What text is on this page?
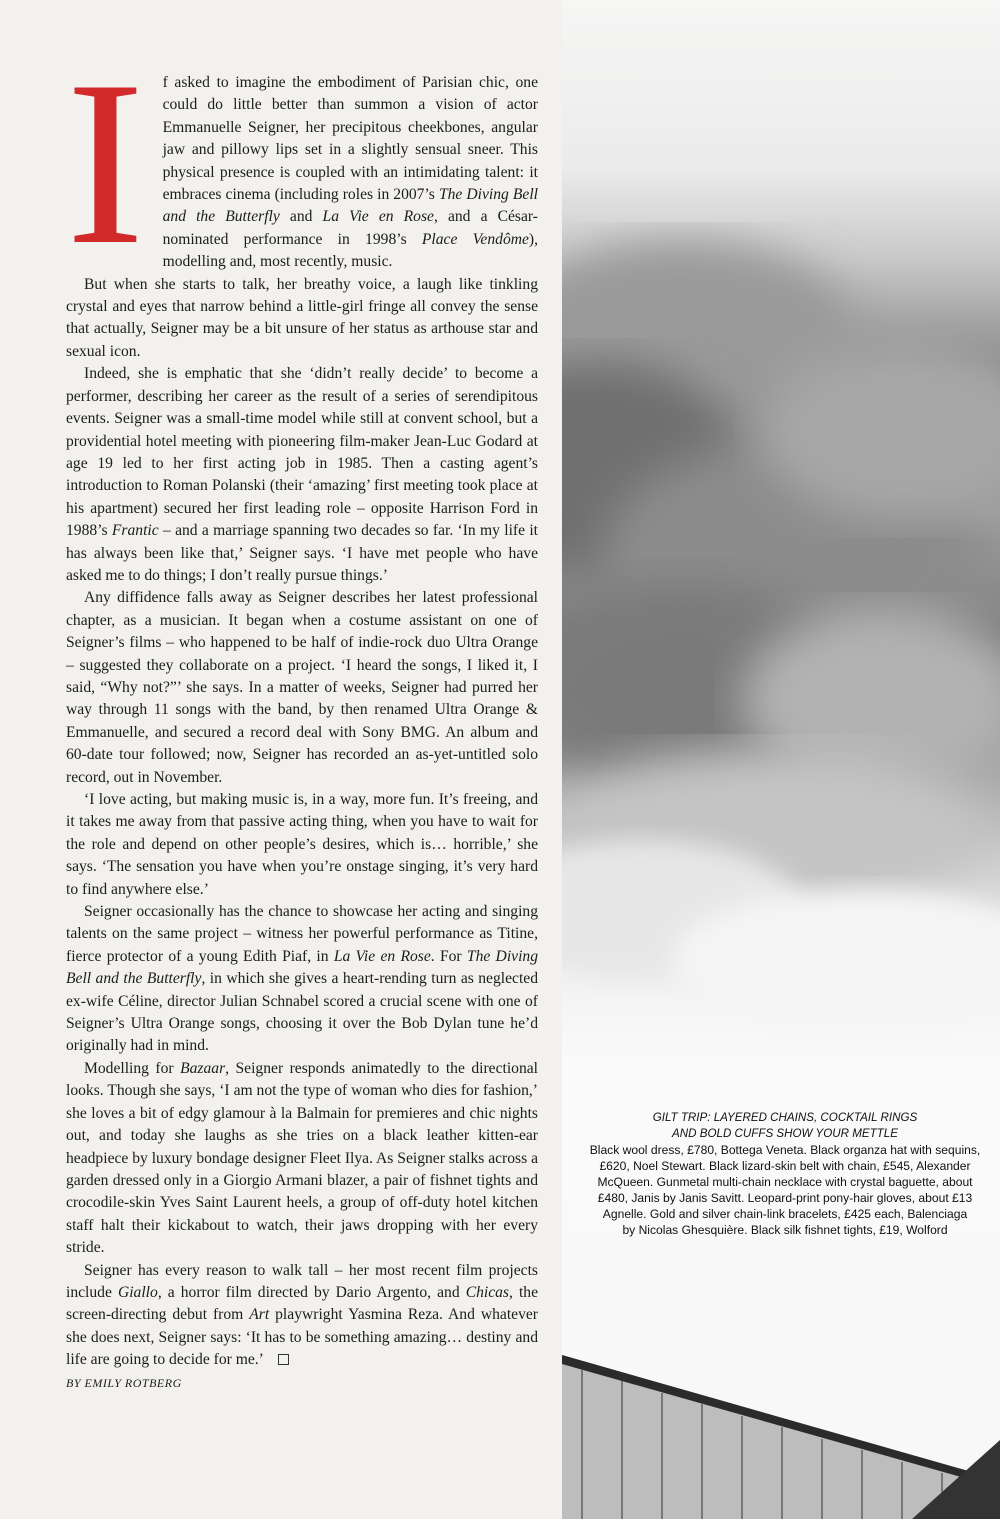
I	f asked to imagine the embodiment of Parisian chic, one could do little better than summon a vision of actor Emmanuelle Seigner, her precipitous cheekbones, angular jaw and pillowy lips set in a slightly sensual sneer. This physical presence is coupled with an intimidating talent: it embraces cinema (including roles in 2007’s The Diving Bell and the Butterfly and La Vie en Rose, and a César-nominated performance in 1998’s Place Vendôme), modelling and, most recently, music.

But when she starts to talk, her breathy voice, a laugh like tinkling crystal and eyes that narrow behind a little-girl fringe all convey the sense that actually, Seigner may be a bit unsure of her status as arthouse star and sexual icon.

Indeed, she is emphatic that she ‘didn’t really decide’ to become a performer, describing her career as the result of a series of serendipitous events. Seigner was a small-time model while still at convent school, but a providential hotel meeting with pioneering film-maker Jean-Luc Godard at age 19 led to her first acting job in 1985. Then a casting agent’s introduction to Roman Polanski (their ‘amazing’ first meeting took place at his apartment) secured her first leading role – opposite Harrison Ford in 1988’s Frantic – and a marriage spanning two decades so far. ‘In my life it has always been like that,’ Seigner says. ‘I have met people who have asked me to do things; I don’t really pursue things.’

Any diffidence falls away as Seigner describes her latest professional chapter, as a musician. It began when a costume assistant on one of Seigner’s films – who happened to be half of indie-rock duo Ultra Orange – suggested they collaborate on a project. ‘I heard the songs, I liked it, I said, “Why not?”’ she says. In a matter of weeks, Seigner had purred her way through 11 songs with the band, by then renamed Ultra Orange & Emmanuelle, and secured a record deal with Sony BMG. An album and 60-date tour followed; now, Seigner has recorded an as-yet-untitled solo record, out in November.

‘I love acting, but making music is, in a way, more fun. It’s freeing, and it takes me away from that passive acting thing, when you have to wait for the role and depend on other people’s desires, which is… horrible,’ she says. ‘The sensation you have when you’re onstage singing, it’s very hard to find anywhere else.’

Seigner occasionally has the chance to showcase her acting and singing talents on the same project – witness her powerful performance as Titine, fierce protector of a young Edith Piaf, in La Vie en Rose. For The Diving Bell and the Butterfly, in which she gives a heart-rending turn as neglected ex-wife Céline, director Julian Schnabel scored a crucial scene with one of Seigner’s Ultra Orange songs, choosing it over the Bob Dylan tune he’d originally had in mind.

Modelling for Bazaar, Seigner responds animatedly to the directional looks. Though she says, ‘I am not the type of woman who dies for fashion,’ she loves a bit of edgy glamour à la Balmain for premieres and chic nights out, and today she laughs as she tries on a black leather kitten-ear headpiece by luxury bondage designer Fleet Ilya. As Seigner stalks across a garden dressed only in a Giorgio Armani blazer, a pair of fishnet tights and crocodile-skin Yves Saint Laurent heels, a group of off-duty hotel kitchen staff halt their kickabout to watch, their jaws dropping with her every stride.

Seigner has every reason to walk tall – her most recent film projects include Giallo, a horror film directed by Dario Argento, and Chicas, the screen-directing debut from Art playwright Yasmina Reza. And whatever she does next, Seigner says: ‘It has to be something amazing… destiny and life are going to decide for me.’

BY EMILY ROTBERG

GILT TRIP: LAYERED CHAINS, COCKTAIL RINGS
AND BOLD CUFFS SHOW YOUR METTLE
Black wool dress, £780, Bottega Veneta. Black organza hat with sequins,
£620, Noel Stewart. Black lizard-skin belt with chain, £545, Alexander
McQueen. Gunmetal multi-chain necklace with crystal baguette, about
£480, Janis by Janis Savitt. Leopard-print pony-hair gloves, about £13
Agnelle. Gold and silver chain-link bracelets, £425 each, Balenciaga
by Nicolas Ghesquière. Black silk fishnet tights, £19, Wolford
